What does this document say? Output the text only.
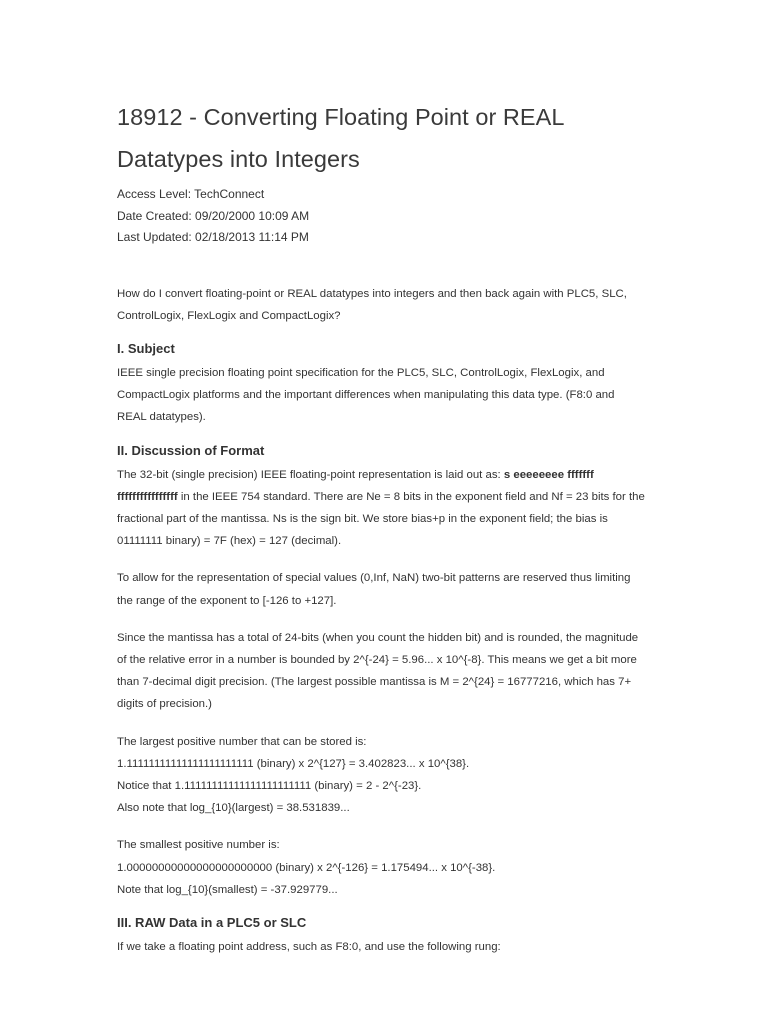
18912 - Converting Floating Point or REAL
Datatypes into Integers
Access Level: TechConnect
Date Created: 09/20/2000 10:09 AM
Last Updated: 02/18/2013 11:14 PM
How do I convert floating-point or REAL datatypes into integers and then back again with PLC5, SLC,
ControlLogix, FlexLogix and CompactLogix?
I. Subject
IEEE single precision floating point specification for the PLC5, SLC, ControlLogix, FlexLogix, and
CompactLogix platforms and the important differences when manipulating this data type. (F8:0 and
REAL datatypes).
II. Discussion of Format
The 32-bit (single precision) IEEE floating-point representation is laid out as: s eeeeeeee fffffff
ffffffffffffffff in the IEEE 754 standard. There are Ne = 8 bits in the exponent field and Nf = 23 bits for the
fractional part of the mantissa. Ns is the sign bit. We store bias+p in the exponent field; the bias is
01111111 binary) = 7F (hex) = 127 (decimal).
To allow for the representation of special values (0,Inf, NaN) two-bit patterns are reserved thus limiting
the range of the exponent to [-126 to +127].
Since the mantissa has a total of 24-bits (when you count the hidden bit) and is rounded, the magnitude
of the relative error in a number is bounded by 2^{-24} = 5.96... x 10^{-8}. This means we get a bit more
than 7-decimal digit precision. (The largest possible mantissa is M = 2^{24} = 16777216, which has 7+
digits of precision.)
The largest positive number that can be stored is:
1.11111111111111111111111 (binary) x 2^{127} = 3.402823... x 10^{38}.
Notice that 1.11111111111111111111111 (binary) = 2 - 2^{-23}.
Also note that log_{10}(largest) = 38.531839...
The smallest positive number is:
1.00000000000000000000000 (binary) x 2^{-126} = 1.175494... x 10^{-38}.
Note that log_{10}(smallest) = -37.929779...
III. RAW Data in a PLC5 or SLC
If we take a floating point address, such as F8:0, and use the following rung:
